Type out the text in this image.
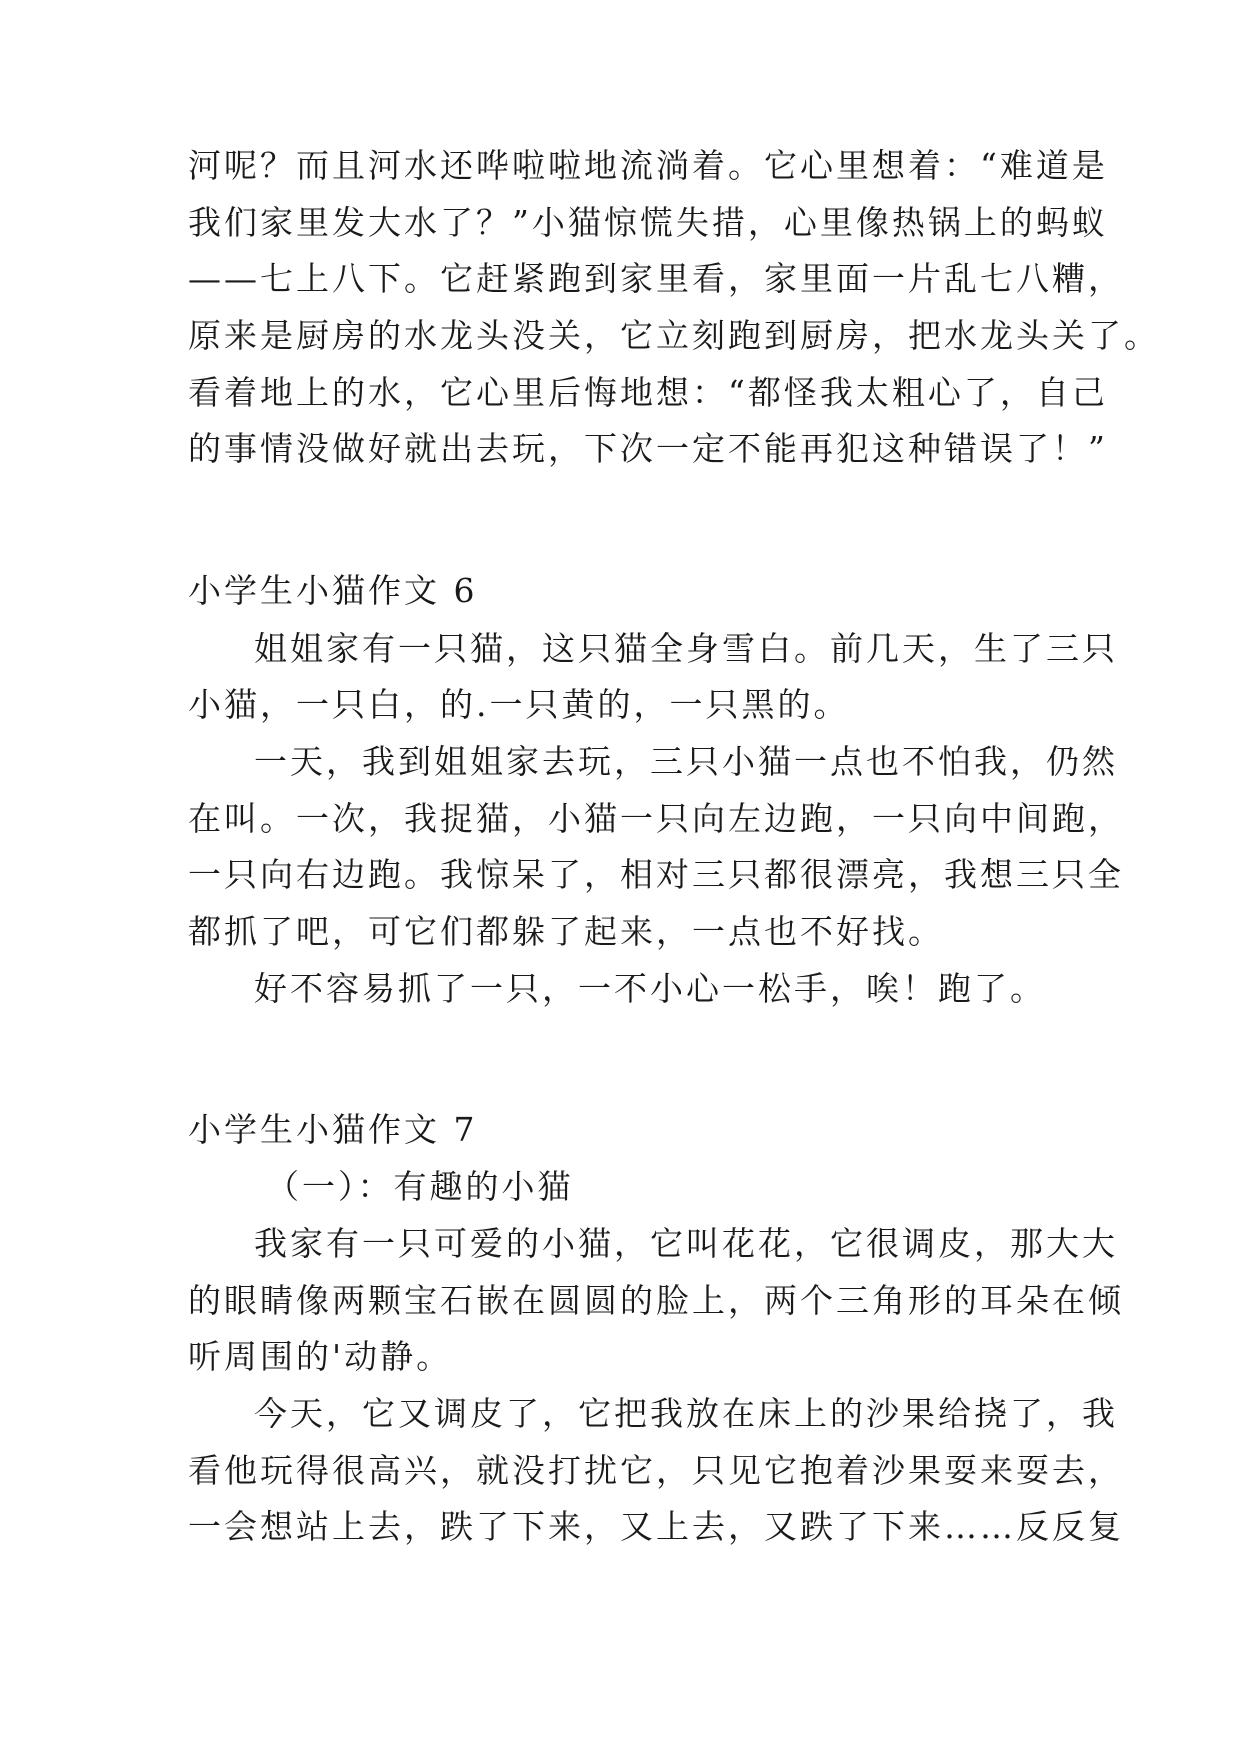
河呢？而且河水还哗啦啦地流淌着。它心里想着：“难道是
我们家里发大水了？”小猫惊慌失措，心里像热锅上的蚂蚁
——七上八下。它赶紧跑到家里看，家里面一片乱七八糟，
原来是厨房的水龙头没关，它立刻跑到厨房，把水龙头关了。
看着地上的水，它心里后悔地想：“都怪我太粗心了，自己
的事情没做好就出去玩，下次一定不能再犯这种错误了！”
小学生小猫作文 6
姐姐家有一只猫，这只猫全身雪白。前几天，生了三只
小猫，一只白，的.一只黄的，一只黑的。
一天，我到姐姐家去玩，三只小猫一点也不怕我，仍然
在叫。一次，我捉猫，小猫一只向左边跑，一只向中间跑，
一只向右边跑。我惊呆了，相对三只都很漂亮，我想三只全
都抓了吧，可它们都躲了起来，一点也不好找。
好不容易抓了一只，一不小心一松手，唉！跑了。
小学生小猫作文 7
（一）：有趣的小猫
我家有一只可爱的小猫，它叫花花，它很调皮，那大大
的眼睛像两颗宝石嵌在圆圆的脸上，两个三角形的耳朵在倾
听周围的'动静。
今天，它又调皮了，它把我放在床上的沙果给挠了，我
看他玩得很高兴，就没打扰它，只见它抱着沙果耍来耍去，
一会想站上去，跌了下来，又上去，又跌了下来……反反复
